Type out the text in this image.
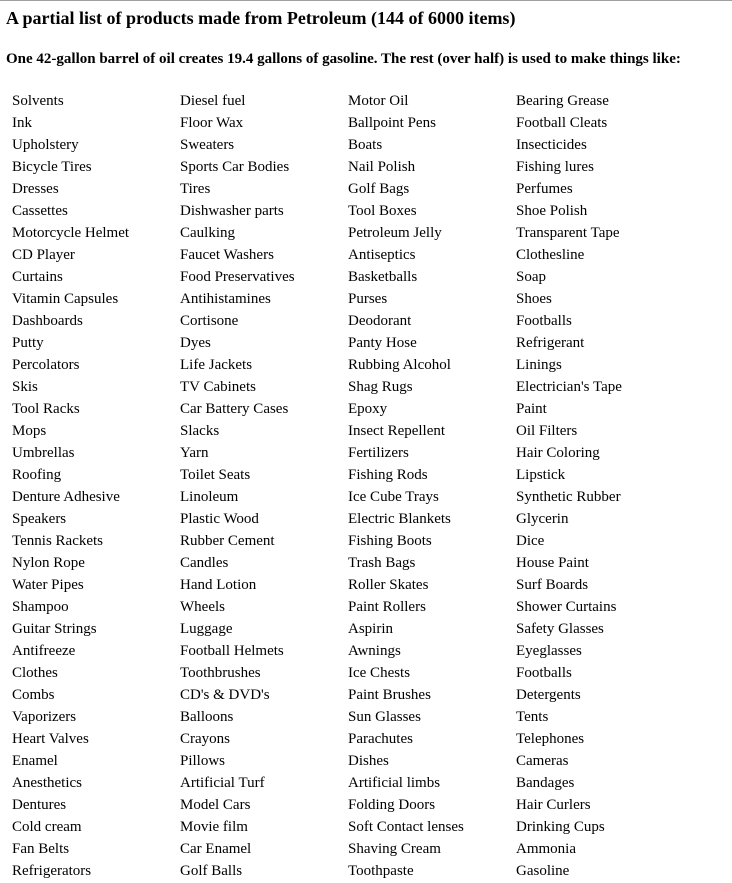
A partial list of products made from Petroleum (144 of 6000 items)
One 42-gallon barrel of oil creates 19.4 gallons of gasoline. The rest (over half) is used to make things like:
Solvents
Ink
Upholstery
Bicycle Tires
Dresses
Cassettes
Motorcycle Helmet
CD Player
Curtains
Vitamin Capsules
Dashboards
Putty
Percolators
Skis
Tool Racks
Mops
Umbrellas
Roofing
Denture Adhesive
Speakers
Tennis Rackets
Nylon Rope
Water Pipes
Shampoo
Guitar Strings
Antifreeze
Clothes
Combs
Vaporizers
Heart Valves
Enamel
Anesthetics
Dentures
Cold cream
Fan Belts
Refrigerators
Diesel fuel
Floor Wax
Sweaters
Sports Car Bodies
Tires
Dishwasher parts
Caulking
Faucet Washers
Food Preservatives
Antihistamines
Cortisone
Dyes
Life Jackets
TV Cabinets
Car Battery Cases
Slacks
Yarn
Toilet Seats
Linoleum
Plastic Wood
Rubber Cement
Candles
Hand Lotion
Wheels
Luggage
Football Helmets
Toothbrushes
CD's & DVD's
Balloons
Crayons
Pillows
Artificial Turf
Model Cars
Movie film
Car Enamel
Golf Balls
Motor Oil
Ballpoint Pens
Boats
Nail Polish
Golf Bags
Tool Boxes
Petroleum Jelly
Antiseptics
Basketballs
Purses
Deodorant
Panty Hose
Rubbing Alcohol
Shag Rugs
Epoxy
Insect Repellent
Fertilizers
Fishing Rods
Ice Cube Trays
Electric Blankets
Fishing Boots
Trash Bags
Roller Skates
Paint Rollers
Aspirin
Awnings
Ice Chests
Paint Brushes
Sun Glasses
Parachutes
Dishes
Artificial limbs
Folding Doors
Soft Contact lenses
Shaving Cream
Toothpaste
Bearing Grease
Football Cleats
Insecticides
Fishing lures
Perfumes
Shoe Polish
Transparent Tape
Clothesline
Soap
Shoes
Footballs
Refrigerant
Linings
Electrician's Tape
Paint
Oil Filters
Hair Coloring
Lipstick
Synthetic Rubber
Glycerin
Dice
House Paint
Surf Boards
Shower Curtains
Safety Glasses
Eyeglasses
Footballs
Detergents
Tents
Telephones
Cameras
Bandages
Hair Curlers
Drinking Cups
Ammonia
Gasoline
